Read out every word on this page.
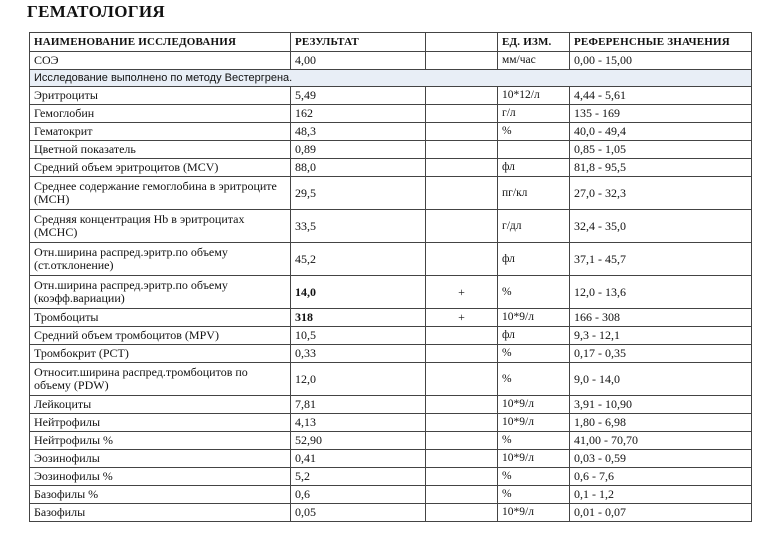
ГЕМАТОЛОГИЯ
НАИМЕНОВАНИЕ ИССЛЕДОВАНИЯ	РЕЗУЛЬТАТ		ЕД. ИЗМ.	РЕФЕРЕНСНЫЕ ЗНАЧЕНИЯ
СОЭ	4,00		мм/час	0,00 - 15,00
Исследование выполнено по методу Вестергрена.				
Эритроциты	5,49		10*12/л	4,44 - 5,61
Гемоглобин	162		г/л	135 - 169
Гематокрит	48,3		%	40,0 - 49,4
Цветной показатель	0,89			0,85 - 1,05
Средний объем эритроцитов (MCV)	88,0		фл	81,8 - 95,5
Среднее содержание гемоглобина в эритроците (MCH)	29,5		пг/кл	27,0 - 32,3
Средняя концентрация Hb в эритроцитах (MCHC)	33,5		г/дл	32,4 - 35,0
Отн.ширина распред.эритр.по объему (ст.отклонение)	45,2		фл	37,1 - 45,7
Отн.ширина распред.эритр.по объему (коэфф.вариации)	14,0	+	%	12,0 - 13,6
Тромбоциты	318	+	10*9/л	166 - 308
Средний объем тромбоцитов (MPV)	10,5		фл	9,3 - 12,1
Тромбокрит (PCT)	0,33		%	0,17 - 0,35
Относит.ширина распред.тромбоцитов по объему (PDW)	12,0		%	9,0 - 14,0
Лейкоциты	7,81		10*9/л	3,91 - 10,90
Нейтрофилы	4,13		10*9/л	1,80 - 6,98
Нейтрофилы %	52,90		%	41,00 - 70,70
Эозинофилы	0,41		10*9/л	0,03 - 0,59
Эозинофилы %	5,2		%	0,6 - 7,6
Базофилы %	0,6		%	0,1 - 1,2
Базофилы	0,05		10*9/л	0,01 - 0,07
